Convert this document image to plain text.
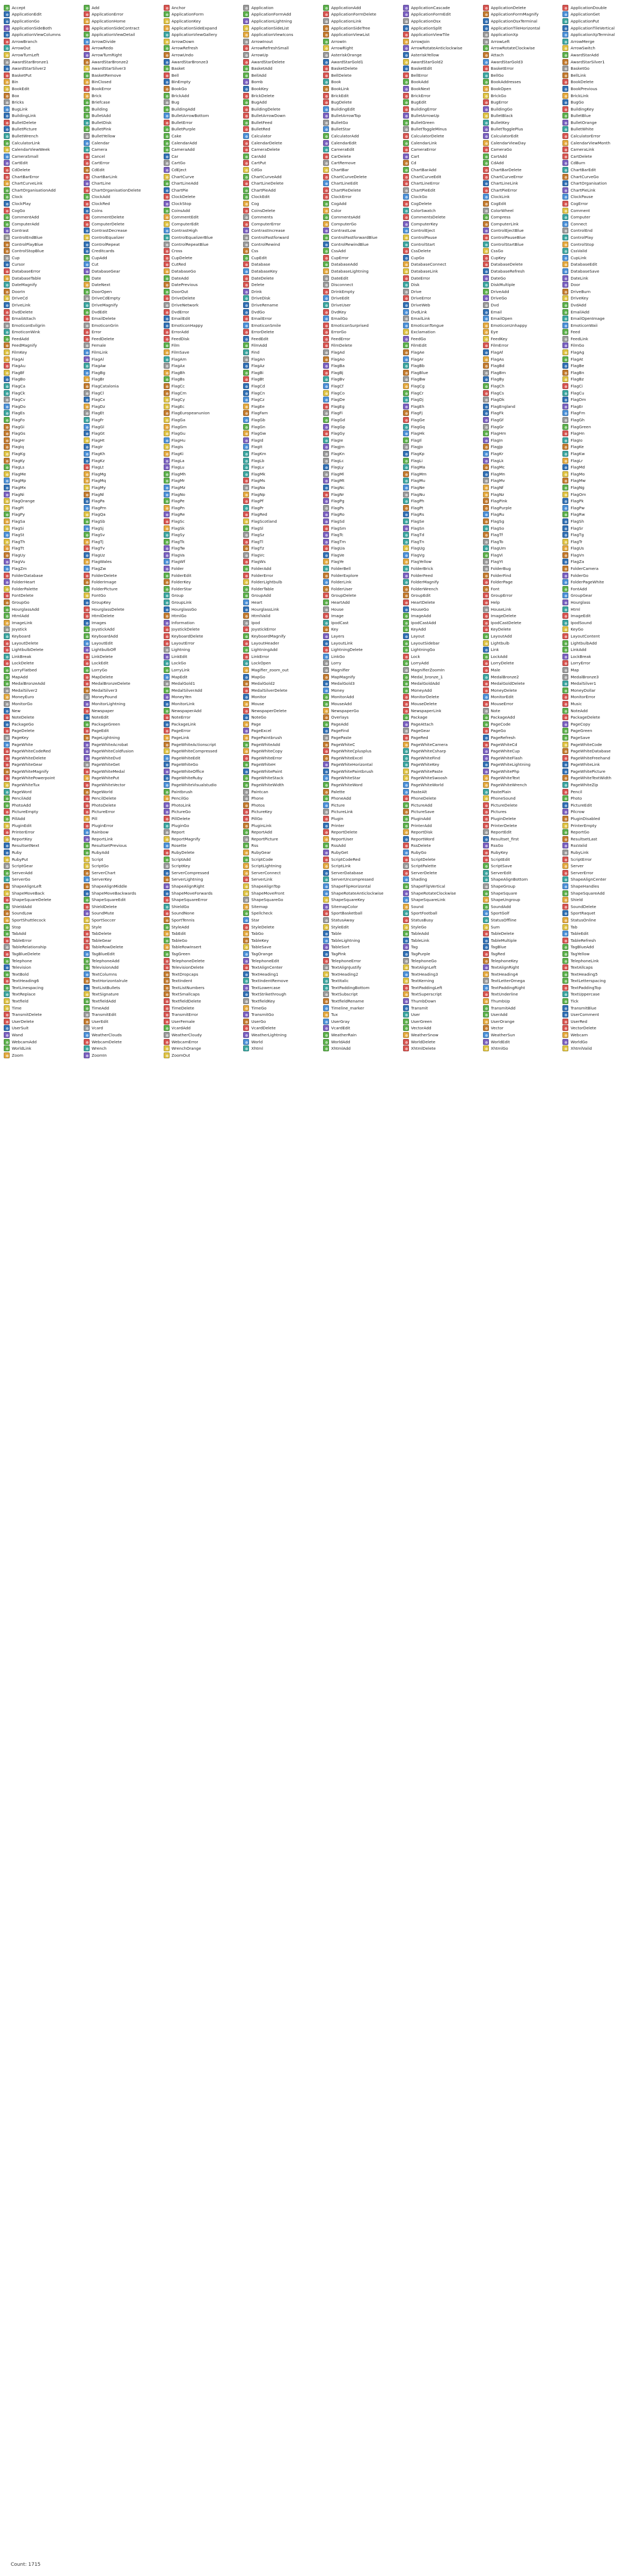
Accept	Add	Anchor	Application	ApplicationAdd	ApplicationCascade	ApplicationDelete	ApplicationDouble
ApplicationEdit	ApplicationError	ApplicationForm	ApplicationFormAdd	ApplicationFormDelete	ApplicationFormEdit	ApplicationFormMagnify	ApplicationGet
ApplicationGo	ApplicationHome	ApplicationKey	ApplicationLightning	ApplicationLink	ApplicationOsx	ApplicationOsxTerminal	ApplicationPut
ApplicationSideBoth	ApplicationSideContract	ApplicationSideExpand	ApplicationSideList	ApplicationSideTree	ApplicationSplit	ApplicationTileHorizontal	ApplicationTileVertical
ApplicationViewColumns	ApplicationViewDetail	ApplicationViewGallery	ApplicationViewIcons	ApplicationViewList	ApplicationViewTile	ApplicationXp	ApplicationXpTerminal
ArrowBranch	ArrowDivide	ArrowDown	ArrowInout	ArrowIn	ArrowJoin	ArrowLeft	ArrowMerge
ArrowOut	ArrowRedo	ArrowRefresh	ArrowRefreshSmall	ArrowRight	ArrowRotateAnticlockwise	ArrowRotateClockwise	ArrowSwitch
ArrowTurnLeft	ArrowTurnRight	ArrowUndo	ArrowUp	AsteriskOrange	AsteriskYellow	Attach	AwardStarAdd
AwardStarBronze1	AwardStarBronze2	AwardStarBronze3	AwardStarDelete	AwardStarGold1	AwardStarGold2	AwardStarGold3	AwardStarSilver1
AwardStarSilver2	AwardStarSilver3	Basket	BasketAdd	BasketDelete	BasketEdit	BasketError	BasketGo
BasketPut	BasketRemove	Bell	BellAdd	BellDelete	BellError	BellGo	BellLink
Bin	BinClosed	BinEmpty	Bomb	Book	BookAdd	BookAddresses	BookDelete
BookEdit	BookError	BookGo	BookKey	BookLink	BookNext	BookOpen	BookPrevious
Box	Brick	BrickAdd	BrickDelete	BrickEdit	BrickError	BrickGo	BrickLink
Bricks	Briefcase	Bug	BugAdd	BugDelete	BugEdit	BugError	BugGo
BugLink	Building	BuildingAdd	BuildingDelete	BuildingEdit	BuildingError	BuildingGo	BuildingKey
BuildingLink	BulletAdd	BulletArrowBottom	BulletArrowDown	BulletArrowTop	BulletArrowUp	BulletBlack	BulletBlue
BulletDelete	BulletDisk	BulletError	BulletFeed	BulletGo	BulletGreen	BulletKey	BulletOrange
BulletPicture	BulletPink	BulletPurple	BulletRed	BulletStar	BulletToggleMinus	BulletTogglePlus	BulletWhite
BulletWrench	BulletYellow	Cake	Calculator	CalculatorAdd	CalculatorDelete	CalculatorEdit	CalculatorError
CalculatorLink	Calendar	CalendarAdd	CalendarDelete	CalendarEdit	CalendarLink	CalendarViewDay	CalendarViewMonth
CalendarViewWeek	Camera	CameraAdd	CameraDelete	CameraEdit	CameraError	CameraGo	CameraLink
CameraSmall	Cancel	Car	CarAdd	CarDelete	Cart	CartAdd	CartDelete
CartEdit	CartError	CartGo	CartPut	CartRemove	Cd	CdAdd	CdBurn
CdDelete	CdEdit	CdEject	CdGo	ChartBar	ChartBarAdd	ChartBarDelete	ChartBarEdit
ChartBarError	ChartBarLink	ChartCurve	ChartCurveAdd	ChartCurveDelete	ChartCurveEdit	ChartCurveError	ChartCurveGo
ChartCurveLink	ChartLine	ChartLineAdd	ChartLineDelete	ChartLineEdit	ChartLineError	ChartLineLink	ChartOrganisation
ChartOrganisationAdd	ChartOrganisationDelete	ChartPie	ChartPieAdd	ChartPieDelete	ChartPieEdit	ChartPieError	ChartPieLink
Clock	ClockAdd	ClockDelete	ClockEdit	ClockError	ClockGo	ClockLink	ClockPause
ClockPlay	ClockRed	ClockStop	Cog	CogAdd	CogDelete	CogEdit	CogError
CogGo	Coins	CoinsAdd	CoinsDelete	Color	ColorSwatch	ColorWheel	Comment
CommentAdd	CommentDelete	CommentEdit	Comments	CommentsAdd	CommentsDelete	Compress	Computer
ComputerAdd	ComputerDelete	ComputerEdit	ComputerError	ComputerGo	ComputerKey	ComputerLink	Connect
Contrast	ContrastDecrease	ContrastHigh	ContrastIncrease	ContrastLow	ControlEject	ControlEjectBlue	ControlEnd
ControlEndBlue	ControlEqualizer	ControlEqualizerBlue	ControlFastforward	ControlFastforwardBlue	ControlPause	ControlPauseBlue	ControlPlay
ControlPlayBlue	ControlRepeat	ControlRepeatBlue	ControlRewind	ControlRewindBlue	ControlStart	ControlStartBlue	ControlStop
ControlStopBlue	Creditcards	Cross	Css	CssAdd	CssDelete	CssGo	CssValid
Cup	CupAdd	CupDelete	CupEdit	CupError	CupGo	CupKey	CupLink
Cursor	Cut	CutRed	Database	DatabaseAdd	DatabaseConnect	DatabaseDelete	DatabaseEdit
DatabaseError	DatabaseGear	DatabaseGo	DatabaseKey	DatabaseLightning	DatabaseLink	DatabaseRefresh	DatabaseSave
DatabaseTable	Date	DateAdd	DateDelete	DateEdit	DateError	DateGo	DateLink
DateMagnify	DateNext	DatePrevious	Delete	Disconnect	Disk	DiskMultiple	Door
DoorIn	DoorOpen	DoorOut	Drink	DrinkEmpty	Drive	DriveAdd	DriveBurn
DriveCd	DriveCdEmpty	DriveDelete	DriveDisk	DriveEdit	DriveError	DriveGo	DriveKey
DriveLink	DriveMagnify	DriveNetwork	DriveRename	DriveUser	DriveWeb	Dvd	DvdAdd
DvdDelete	DvdEdit	DvdError	DvdGo	DvdKey	DvdLink	Email	EmailAdd
EmailAttach	EmailDelete	EmailEdit	EmailError	EmailGo	EmailLink	EmailOpen	EmailOpenImage
EmoticonEvilgrin	EmoticonGrin	EmoticonHappy	EmoticonSmile	EmoticonSurprised	EmoticonTongue	EmoticonUnhappy	EmoticonWaii
EmoticonWink	Error	ErrorAdd	ErrorDelete	ErrorGo	Exclamation	Eye	Feed
FeedAdd	FeedDelete	FeedDisk	FeedEdit	FeedError	FeedGo	FeedKey	FeedLink
FeedMagnify	Female	Film	FilmAdd	FilmDelete	FilmEdit	FilmError	FilmGo
FilmKey	FilmLink	FilmSave	Find	FlagAd	FlagAe	FlagAf	FlagAg
FlagAi	FlagAl	FlagAm	FlagAn	FlagAo	FlagAr	FlagAs	FlagAt
FlagAu	FlagAw	FlagAx	FlagAz	FlagBa	FlagBb	FlagBd	FlagBe
FlagBf	FlagBg	FlagBh	FlagBi	FlagBj	FlagBlue	FlagBm	FlagBn
FlagBo	FlagBr	FlagBs	FlagBt	FlagBv	FlagBw	FlagBy	FlagBz
FlagCa	FlagCatalonia	FlagCc	FlagCd	FlagCf	FlagCg	FlagCh	FlagCi
FlagCk	FlagCl	FlagCm	FlagCn	FlagCo	FlagCr	FlagCs	FlagCu
FlagCv	FlagCx	FlagCy	FlagCz	FlagDe	FlagDj	FlagDk	FlagDm
FlagDo	FlagDz	FlagEc	FlagEe	FlagEg	FlagEh	FlagEngland	FlagEr
FlagEs	FlagEt	FlagEuropeanunion	FlagFam	FlagFi	FlagFj	FlagFk	FlagFm
FlagFo	FlagFr	FlagGa	FlagGb	FlagGd	FlagGe	FlagGf	FlagGh
FlagGi	FlagGl	FlagGm	FlagGn	FlagGp	FlagGq	FlagGr	FlagGreen
FlagGs	FlagGt	FlagGu	FlagGw	FlagGy	FlagHk	FlagHm	FlagHn
FlagHr	FlagHt	FlagHu	FlagId	FlagIe	FlagIl	FlagIn	FlagIo
FlagIq	FlagIr	FlagIs	FlagIt	FlagJm	FlagJo	FlagJp	FlagKe
FlagKg	FlagKh	FlagKi	FlagKm	FlagKn	FlagKp	FlagKr	FlagKw
FlagKy	FlagKz	FlagLa	FlagLb	FlagLc	FlagLi	FlagLk	FlagLr
FlagLs	FlagLt	FlagLu	FlagLv	FlagLy	FlagMa	FlagMc	FlagMd
FlagMe	FlagMg	FlagMh	FlagMk	FlagMl	FlagMm	FlagMn	FlagMo
FlagMp	FlagMq	FlagMr	FlagMs	FlagMt	FlagMu	FlagMv	FlagMw
FlagMx	FlagMy	FlagMz	FlagNa	FlagNc	FlagNe	FlagNf	FlagNg
FlagNi	FlagNl	FlagNo	FlagNp	FlagNr	FlagNu	FlagNz	FlagOm
FlagOrange	FlagPa	FlagPe	FlagPf	FlagPg	FlagPh	FlagPink	FlagPk
FlagPl	FlagPm	FlagPn	FlagPr	FlagPs	FlagPt	FlagPurple	FlagPw
FlagPy	FlagQa	FlagRe	FlagRed	FlagRo	FlagRs	FlagRu	FlagRw
FlagSa	FlagSb	FlagSc	FlagScotland	FlagSd	FlagSe	FlagSg	FlagSh
FlagSi	FlagSj	FlagSk	FlagSl	FlagSm	FlagSn	FlagSo	FlagSr
FlagSt	FlagSv	FlagSy	FlagSz	FlagTc	FlagTd	FlagTf	FlagTg
FlagTh	FlagTj	FlagTk	FlagTl	FlagTm	FlagTn	FlagTo	FlagTr
FlagTt	FlagTv	FlagTw	FlagTz	FlagUa	FlagUg	FlagUm	FlagUs
FlagUy	FlagUz	FlagVa	FlagVc	FlagVe	FlagVg	FlagVi	FlagVn
FlagVu	FlagWales	FlagWf	FlagWs	FlagYe	FlagYellow	FlagYt	FlagZa
FlagZm	FlagZw	Folder	FolderAdd	FolderBell	FolderBrick	FolderBug	FolderCamera
FolderDatabase	FolderDelete	FolderEdit	FolderError	FolderExplore	FolderFeed	FolderFind	FolderGo
FolderHeart	FolderImage	FolderKey	FolderLightbulb	FolderLink	FolderMagnify	FolderPage	FolderPageWhite
FolderPalette	FolderPicture	FolderStar	FolderTable	FolderUser	FolderWrench	Font	FontAdd
FontDelete	FontGo	Group	GroupAdd	GroupDelete	GroupEdit	GroupError	GroupGear
GroupGo	GroupKey	GroupLink	Heart	HeartAdd	HeartDelete	Help	Hourglass
HourglassAdd	HourglassDelete	HourglassGo	HourglassLink	House	HouseGo	HouseLink	Html
HtmlAdd	HtmlDelete	HtmlGo	HtmlValid	Image	ImageAdd	ImageDelete	ImageEdit
ImageLink	Images	Information	Ipod	IpodCast	IpodCastAdd	IpodCastDelete	IpodSound
Joystick	JoystickAdd	JoystickDelete	JoystickError	Key	KeyAdd	KeyDelete	KeyGo
Keyboard	KeyboardAdd	KeyboardDelete	KeyboardMagnify	Layers	Layout	LayoutAdd	LayoutContent
LayoutDelete	LayoutEdit	LayoutError	LayoutHeader	LayoutLink	LayoutSidebar	Lightbulb	LightbulbAdd
LightbulbDelete	LightbulbOff	Lightning	LightningAdd	LightningDelete	LightningGo	Link	LinkAdd
LinkBreak	LinkDelete	LinkEdit	LinkError	LinkGo	Lock	LockAdd	LockBreak
LockDelete	LockEdit	LockGo	LockOpen	Lorry	LorryAdd	LorryDelete	LorryError
LorryFlatbed	LorryGo	LorryLink	Magifier_zoom_out	Magnifier	MagnifierZoomIn	Male	Map
MapAdd	MapDelete	MapEdit	MapGo	MapMagnify	Medal_bronze_1	MedalBronze2	MedalBronze3
MedalBronzeAdd	MedalBronzeDelete	MedalGold1	MedalGold2	MedalGold3	MedalGoldAdd	MedalGoldDelete	MedalSilver1
MedalSilver2	MedalSilver3	MedalSilverAdd	MedalSilverDelete	Money	MoneyAdd	MoneyDelete	MoneyDollar
MoneyEuro	MoneyPound	MoneyYen	Monitor	MonitorAdd	MonitorDelete	MonitorEdit	MonitorError
MonitorGo	MonitorLightning	MonitorLink	Mouse	MouseAdd	MouseDelete	MouseError	Music
New	Newspaper	NewspaperAdd	NewspaperDelete	NewspaperGo	NewspaperLink	Note	NoteAdd
NoteDelete	NoteEdit	NoteError	NoteGo	Overlays	Package	PackageAdd	PackageDelete
PackageGo	PackageGreen	PackageLink	Page	PageAdd	PageAttach	PageCode	PageCopy
PageDelete	PageEdit	PageError	PageExcel	PageFind	PageGear	PageGo	PageGreen
PageKey	PageLightning	PageLink	PagePaintbrush	PagePaste	PageRed	PageRefresh	PageSave
PageWhite	PageWhiteAcrobat	PageWhiteActionscript	PageWhiteAdd	PageWhiteC	PageWhiteCamera	PageWhiteCd	PageWhiteCode
PageWhiteCodeRed	PageWhiteColdfusion	PageWhiteCompressed	PageWhiteCopy	PageWhiteCplusplus	PageWhiteCsharp	PageWhiteCup	PageWhiteDatabase
PageWhiteDelete	PageWhiteDvd	PageWhiteEdit	PageWhiteError	PageWhiteExcel	PageWhiteFind	PageWhiteFlash	PageWhiteFreehand
PageWhiteGear	PageWhiteGet	PageWhiteGo	PageWhiteH	PageWhiteHorizontal	PageWhiteKey	PageWhiteLightning	PageWhiteLink
PageWhiteMagnify	PageWhiteMedal	PageWhiteOffice	PageWhitePaint	PageWhitePaintbrush	PageWhitePaste	PageWhitePhp	PageWhitePicture
PageWhitePowerpoint	PageWhitePut	PageWhiteRuby	PageWhiteStack	PageWhiteStar	PageWhiteSwoosh	PageWhiteText	PageWhiteTextWidth
PageWhiteTux	PageWhiteVector	PageWhiteVisualstudio	PageWhiteWidth	PageWhiteWord	PageWhiteWorld	PageWhiteWrench	PageWhiteZip
PageWord	PageWorld	Paintbrush	Paintcan	Palette	PasteAlt	PastePlain	Pencil
PencilAdd	PencilDelete	PencilGo	Phone	PhoneAdd	PhoneDelete	PhoneSound	Photo
PhotoAdd	PhotoDelete	PhotoLink	Photos	Picture	PictureAdd	PictureDelete	PictureEdit
PictureEmpty	PictureError	PictureGo	PictureKey	PictureLink	PictureSave	Pictures	Pilcrow
PillAdd	Pill	PillDelete	PillGo	Plugin	PluginAdd	PluginDelete	PluginDisabled
PluginEdit	PluginError	PluginGo	PluginLink	Printer	PrinterAdd	PrinterDelete	PrinterEmpty
PrinterError	Rainbow	Report	ReportAdd	ReportDelete	ReportDisk	ReportEdit	ReportGo
ReportKey	ReportLink	ReportMagnify	ReportPicture	ReportUser	ReportWord	Resultset_first	ResultsetLast
ResultsetNext	ResultsetPrevious	Rosette	Rss	RssAdd	RssDelete	RssGo	RssValid
Ruby	RubyAdd	RubyDelete	RubyGear	RubyGet	RubyGo	RubyKey	RubyLink
RubyPut	Script	ScriptAdd	ScriptCode	ScriptCodeRed	ScriptDelete	ScriptEdit	ScriptError
ScriptGear	ScriptGo	ScriptKey	ScriptLightning	ScriptLink	ScriptPalette	ScriptSave	Server
ServerAdd	ServerChart	ServerCompressed	ServerConnect	ServerDatabase	ServerDelete	ServerEdit	ServerError
ServerGo	ServerKey	ServerLightning	ServerLink	ServerUncompressed	Shading	ShapeAlignBottom	ShapeAlignCenter
ShapeAlignLeft	ShapeAlignMiddle	ShapeAlignRight	ShapeAlignTop	ShapeFlipHorizontal	ShapeFlipVertical	ShapeGroup	ShapeHandles
ShapeMoveBack	ShapeMoveBackwards	ShapeMoveForwards	ShapeMoveFront	ShapeRotateAnticlockwise	ShapeRotateClockwise	ShapeSquare	ShapeSquareAdd
ShapeSquareDelete	ShapeSquareEdit	ShapeSquareError	ShapeSquareGo	ShapeSquareKey	ShapeSquareLink	ShapeUngroup	Shield
ShieldAdd	ShieldDelete	ShieldGo	Sitemap	SitemapColor	Sound	SoundAdd	SoundDelete
SoundLow	SoundMute	SoundNone	Spellcheck	SportBasketball	SportFootball	SportGolf	SportRaquet
SportShuttlecock	SportSoccer	SportTennis	Star	StatusAway	StatusBusy	StatusOffline	StatusOnline
Stop	Style	StyleAdd	StyleDelete	StyleEdit	StyleGo	Sum	Tab
TabAdd	TabDelete	TabEdit	TabGo	Table	TableAdd	TableDelete	TableEdit
TableError	TableGear	TableGo	TableKey	TableLightning	TableLink	TableMultiple	TableRefresh
TableRelationship	TableRowDelete	TableRowInsert	TableSave	TableSort	Tag	TagBlue	TagBlueAdd
TagBlueDelete	TagBlueEdit	TagGreen	TagOrange	TagPink	TagPurple	TagRed	TagYellow
Telephone	TelephoneAdd	TelephoneDelete	TelephoneEdit	TelephoneError	TelephoneGo	TelephoneKey	TelephoneLink
Television	TelevisionAdd	TelevisionDelete	TextAlignCenter	TextAlignJustify	TextAlignLeft	TextAlignRight	TextAllcaps
TextBold	TextColumns	TextDropcaps	TextHeading1	TextHeading2	TextHeading3	TextHeading4	TextHeading5
TextHeading6	TextHorizontalrule	TextIndent	TextIndentRemove	TextItalic	TextKerning	TextLetterOmega	TextLetterspacing
TextLinespacing	TextListBullets	TextListNumbers	TextLowercase	TextPaddingBottom	TextPaddingLeft	TextPaddingRight	TextPaddingTop
TextReplace	TextSignature	TextSmallcaps	TextStrikethrough	TextSubscript	TextSuperscript	TextUnderline	TextUppercase
Textfield	TextfieldAdd	TextfieldDelete	TextfieldKey	TextfieldRename	ThumbDown	ThumbUp	Tick
Time	TimeAdd	TimeDelete	TimeGo	Timeline_marker	Transmit	TransmitAdd	TransmitBlue
TransmitDelete	TransmitEdit	TransmitError	TransmitGo	Tux	User	UserAdd	UserComment
UserDelete	UserEdit	UserFemale	UserGo	UserGray	UserGreen	UserOrange	UserRed
UserSuit	Vcard	VcardAdd	VcardDelete	VcardEdit	VectorAdd	Vector	VectorDelete
Wand	WeatherClouds	WeatherCloudy	WeatherLightning	WeatherRain	WeatherSnow	WeatherSun	Webcam
WebcamAdd	WebcamDelete	WebcamError	World	WorldAdd	WorldDelete	WorldEdit	WorldGo
WorldLink	Wrench	WrenchOrange	Xhtml	XhtmlAdd	XhtmlDelete	XhtmlGo	XhtmlValid
Zoom	ZoomIn	ZoomOut
Count: 1715
